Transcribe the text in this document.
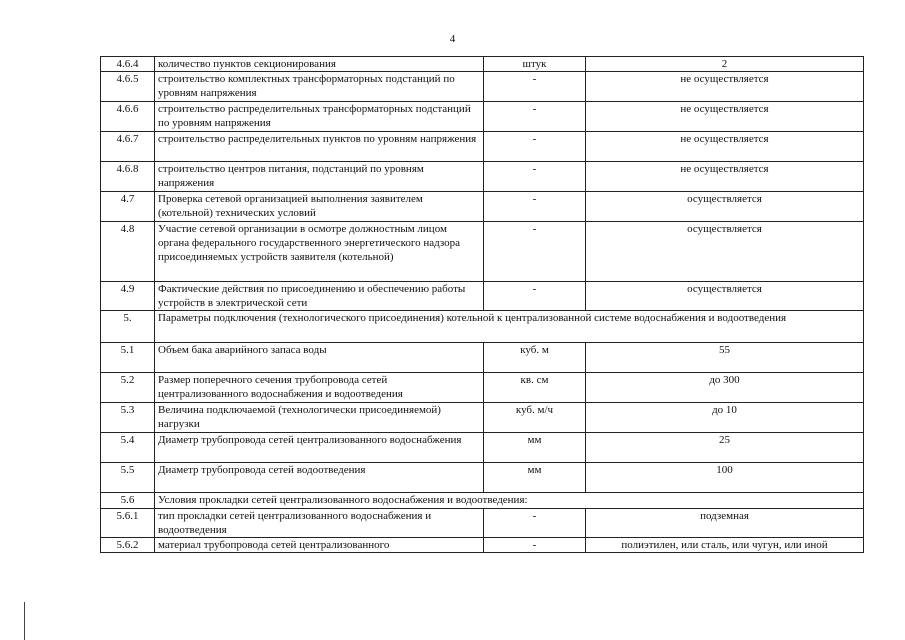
4
4.6.4	количество пунктов секционирования	штук	2
4.6.5	строительство комплектных трансформаторных подстанций по уровням напряжения	-	не осуществляется
4.6.6	строительство распределительных трансформаторных подстанций по уровням напряжения	-	не осуществляется
4.6.7	строительство распределительных пунктов по уровням напряжения	-	не осуществляется
4.6.8	строительство центров питания, подстанций по уровням напряжения	-	не осуществляется
4.7	Проверка сетевой организацией выполнения заявителем (котельной) технических условий	-	осуществляется
4.8	Участие сетевой организации в осмотре должностным лицом органа федерального государственного энергетического надзора присоединяемых устройств заявителя (котельной)	-	осуществляется
4.9	Фактические действия по присоединению и обеспечению работы устройств в электрической сети	-	осуществляется
5.	Параметры подключения (технологического присоединения) котельной к централизованной системе водоснабжения и водоотведения		
5.1	Объем бака аварийного запаса воды	куб. м	55
5.2	Размер поперечного сечения трубопровода сетей централизованного водоснабжения и водоотведения	кв. см	до 300
5.3	Величина подключаемой (технологически присоединяемой) нагрузки	куб. м/ч	до 10
5.4	Диаметр трубопровода сетей централизованного водоснабжения	мм	25
5.5	Диаметр трубопровода сетей водоотведения	мм	100
5.6	Условия прокладки сетей централизованного водоснабжения и водоотведения:		
5.6.1	тип прокладки сетей централизованного водоснабжения и водоотведения	-	подземная
5.6.2	материал трубопровода сетей централизованного	-	полиэтилен, или сталь, или чугун, или иной
